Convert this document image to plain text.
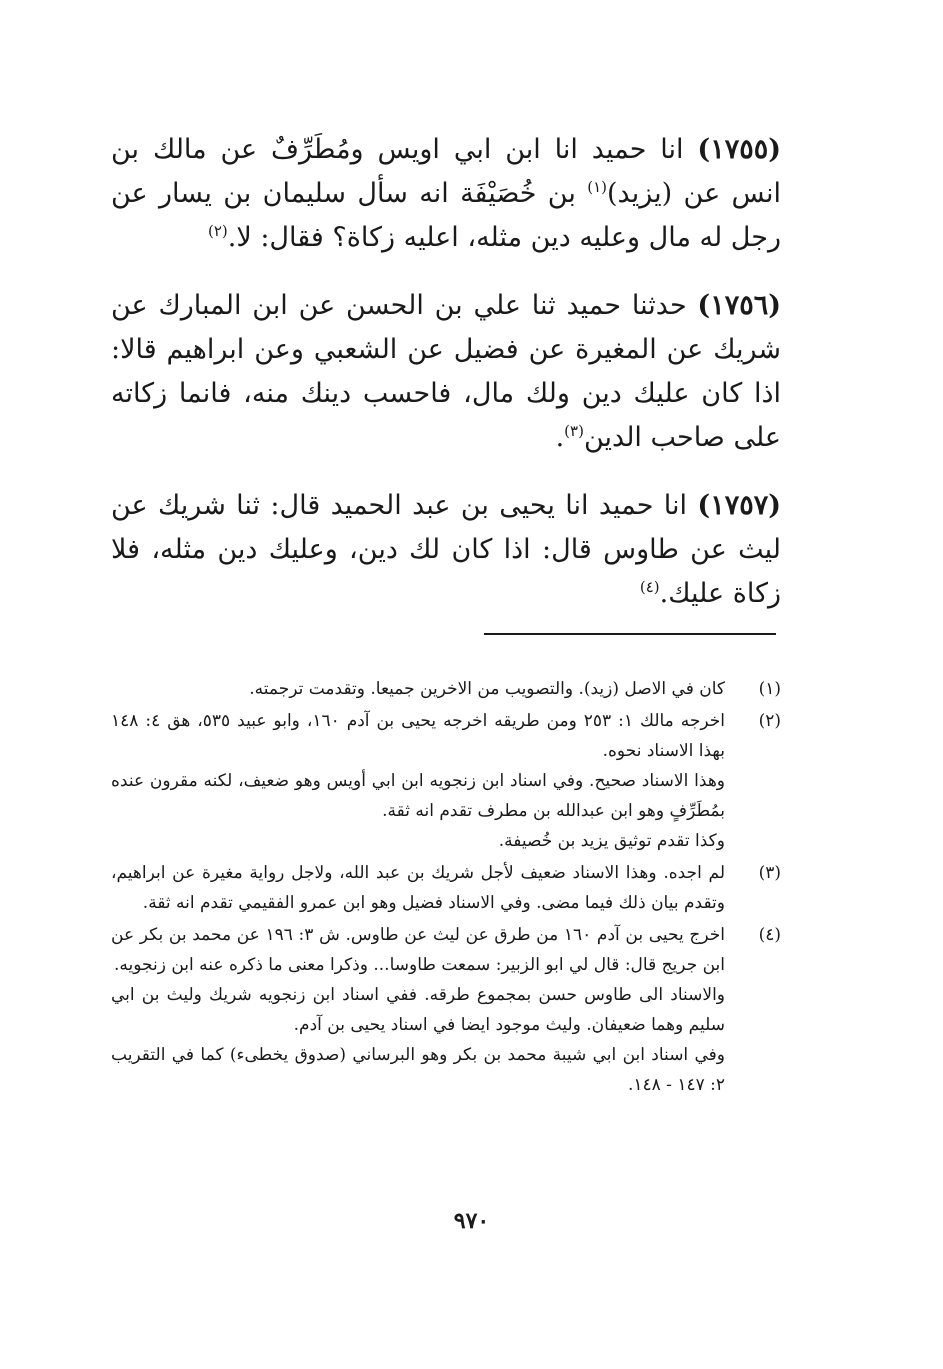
(١٧٥٥) انا حميد انا ابن ابي اويس ومُطَرِّفٌ عن مالك بن انس عن (يزيد)$^{(١)}$ بن خُصَيْفَة انه سأل سليمان بن يسار عن رجل له مال وعليه دين مثله، اعليه زكاة؟ فقال: لا.$^{(٢)}$

(١٧٥٦) حدثنا حميد ثنا علي بن الحسن عن ابن المبارك عن شريك عن المغيرة عن فضيل عن الشعبي وعن ابراهيم قالا: اذا كان عليك دين ولك مال، فاحسب دينك منه، فانما زكاته على صاحب الدين$^{(٣)}$.

(١٧٥٧) انا حميد انا يحيى بن عبد الحميد قال: ثنا شريك عن ليث عن طاوس قال: اذا كان لك دين، وعليك دين مثله، فلا زكاة عليك.$^{(٤)}$

(١)

كان في الاصل (زيد). والتصويب من الاخرين جميعا. وتقدمت ترجمته.

(٢)

اخرجه مالك ١: ٢٥٣ ومن طريقه اخرجه يحيى بن آدم ١٦٠، وابو عبيد ٥٣٥، هق ٤: ١٤٨ بهذا الاسناد نحوه.

وهذا الاسناد صحيح. وفي اسناد ابن زنجويه ابن ابي أويس وهو ضعيف، لكنه مقرون عنده بمُطَرِّفٍ وهو ابن عبدالله بن مطرف تقدم انه ثقة.

وكذا تقدم توثيق يزيد بن خُصيفة.

(٣)

لم اجده. وهذا الاسناد ضعيف لأجل شريك بن عبد الله، ولاجل رواية مغيرة عن ابراهيم، وتقدم بيان ذلك فيما مضى. وفي الاسناد فضيل وهو ابن عمرو الفقيمي تقدم انه ثقة.

(٤)

اخرج يحيى بن آدم ١٦٠ من طرق عن ليث عن طاوس. ش ٣: ١٩٦ عن محمد بن بكر عن ابن جريج قال: قال لي ابو الزبير: سمعت طاوسا... وذكرا معنى ما ذكره عنه ابن زنجويه.

والاسناد الى طاوس حسن بمجموع طرقه. ففي اسناد ابن زنجويه شريك وليث بن ابي سليم وهما ضعيفان. وليث موجود ايضا في اسناد يحيى بن آدم.

وفي اسناد ابن ابي شيبة محمد بن بكر وهو البرساني (صدوق يخطىء) كما في التقريب ٢: ١٤٧ - ١٤٨.

٩٧٠
